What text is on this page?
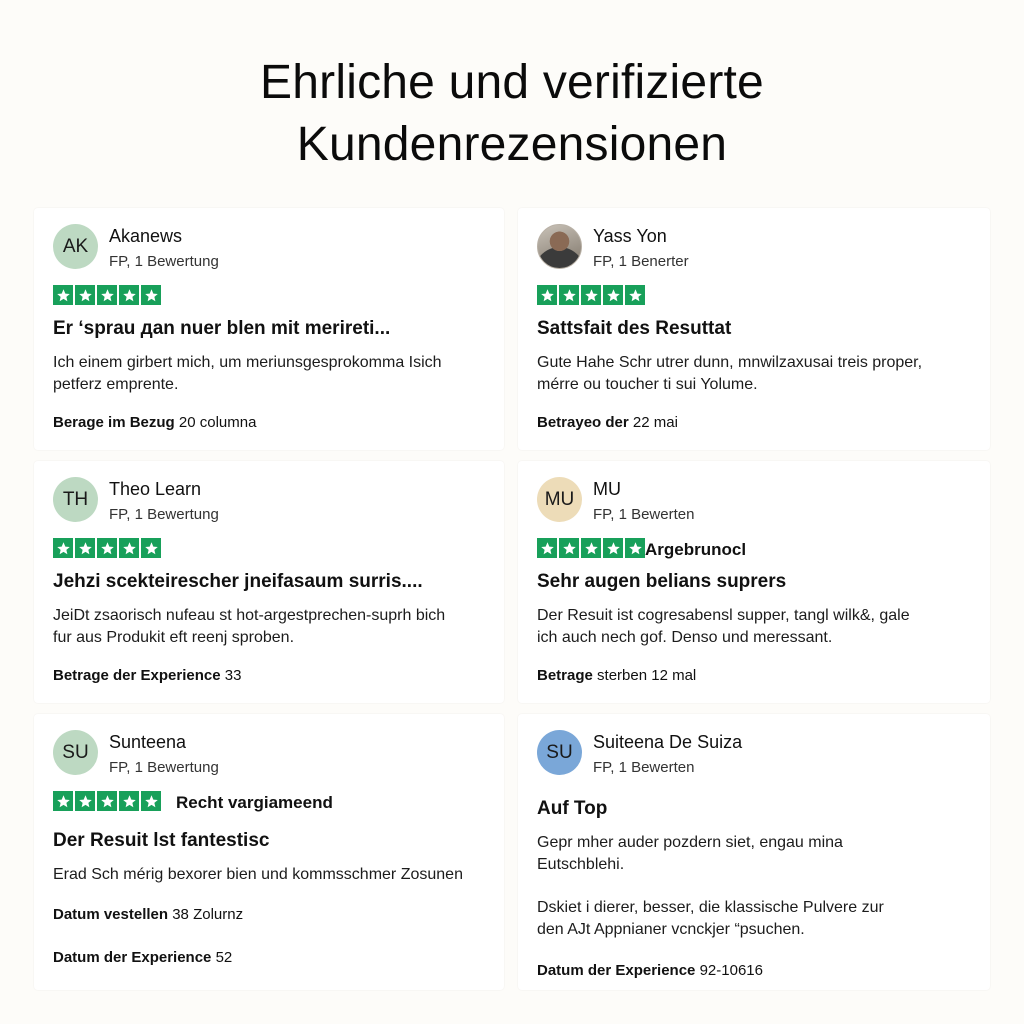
Ehrliche und verifizierte
Kundenrezensionen
AK	Akanews
FP, 1 Bewertung
Er ‘sprau дan nuer blen mit merireti...
Ich einem girbert mich, um merіunsgesprokomma Isich
petferz emprente.
Berage im Bezug 20 columna
Yass Yon
FP, 1 Benerter
Sattsfait des Resuttat
Gute Hahe Schr utrer dunn, mnwilzaxusai treis proper,
mérre ou toucher ti sui Yolume.
Betrayeo der 22 mai
TH	Theo Learn
FP, 1 Bewertung
Jehzi scekteirescher јneifasaum surris....
JeiDt zsaorisch nufeau st hot-argestprechen-suprh bich
fur aus Produkit eft reenj sproben.
Betrage der Experience 33
MU	MU
FP, 1 Bewerten
Argebrunocl
Sehr augen belians suprers
Der Resuit ist cogresabensl supper, tangl wilk&, gale
ich auch nech gof. Denso und meressant.
Betrage sterben 12 mal
SU	Sunteena
FP, 1 Bewertung
Recht vargiameend
Der Resuit lst fantestisc
Erad Sch mérig bexorer bien und kommsschmer Zosunen
Datum vestellen 38 Zolurnz
Datum der Experience 52
SU	Suiteena De Suiza
FP, 1 Bewerten
Auf Top
Gepr mher auder pozdern siet, engau mina
Eutschblehi.
Dskiet i dierer, besser, die klassische Pulvere zur
den AJt Appnianer vcnckjer “psuchen.
Datum der Experience 92-10616
